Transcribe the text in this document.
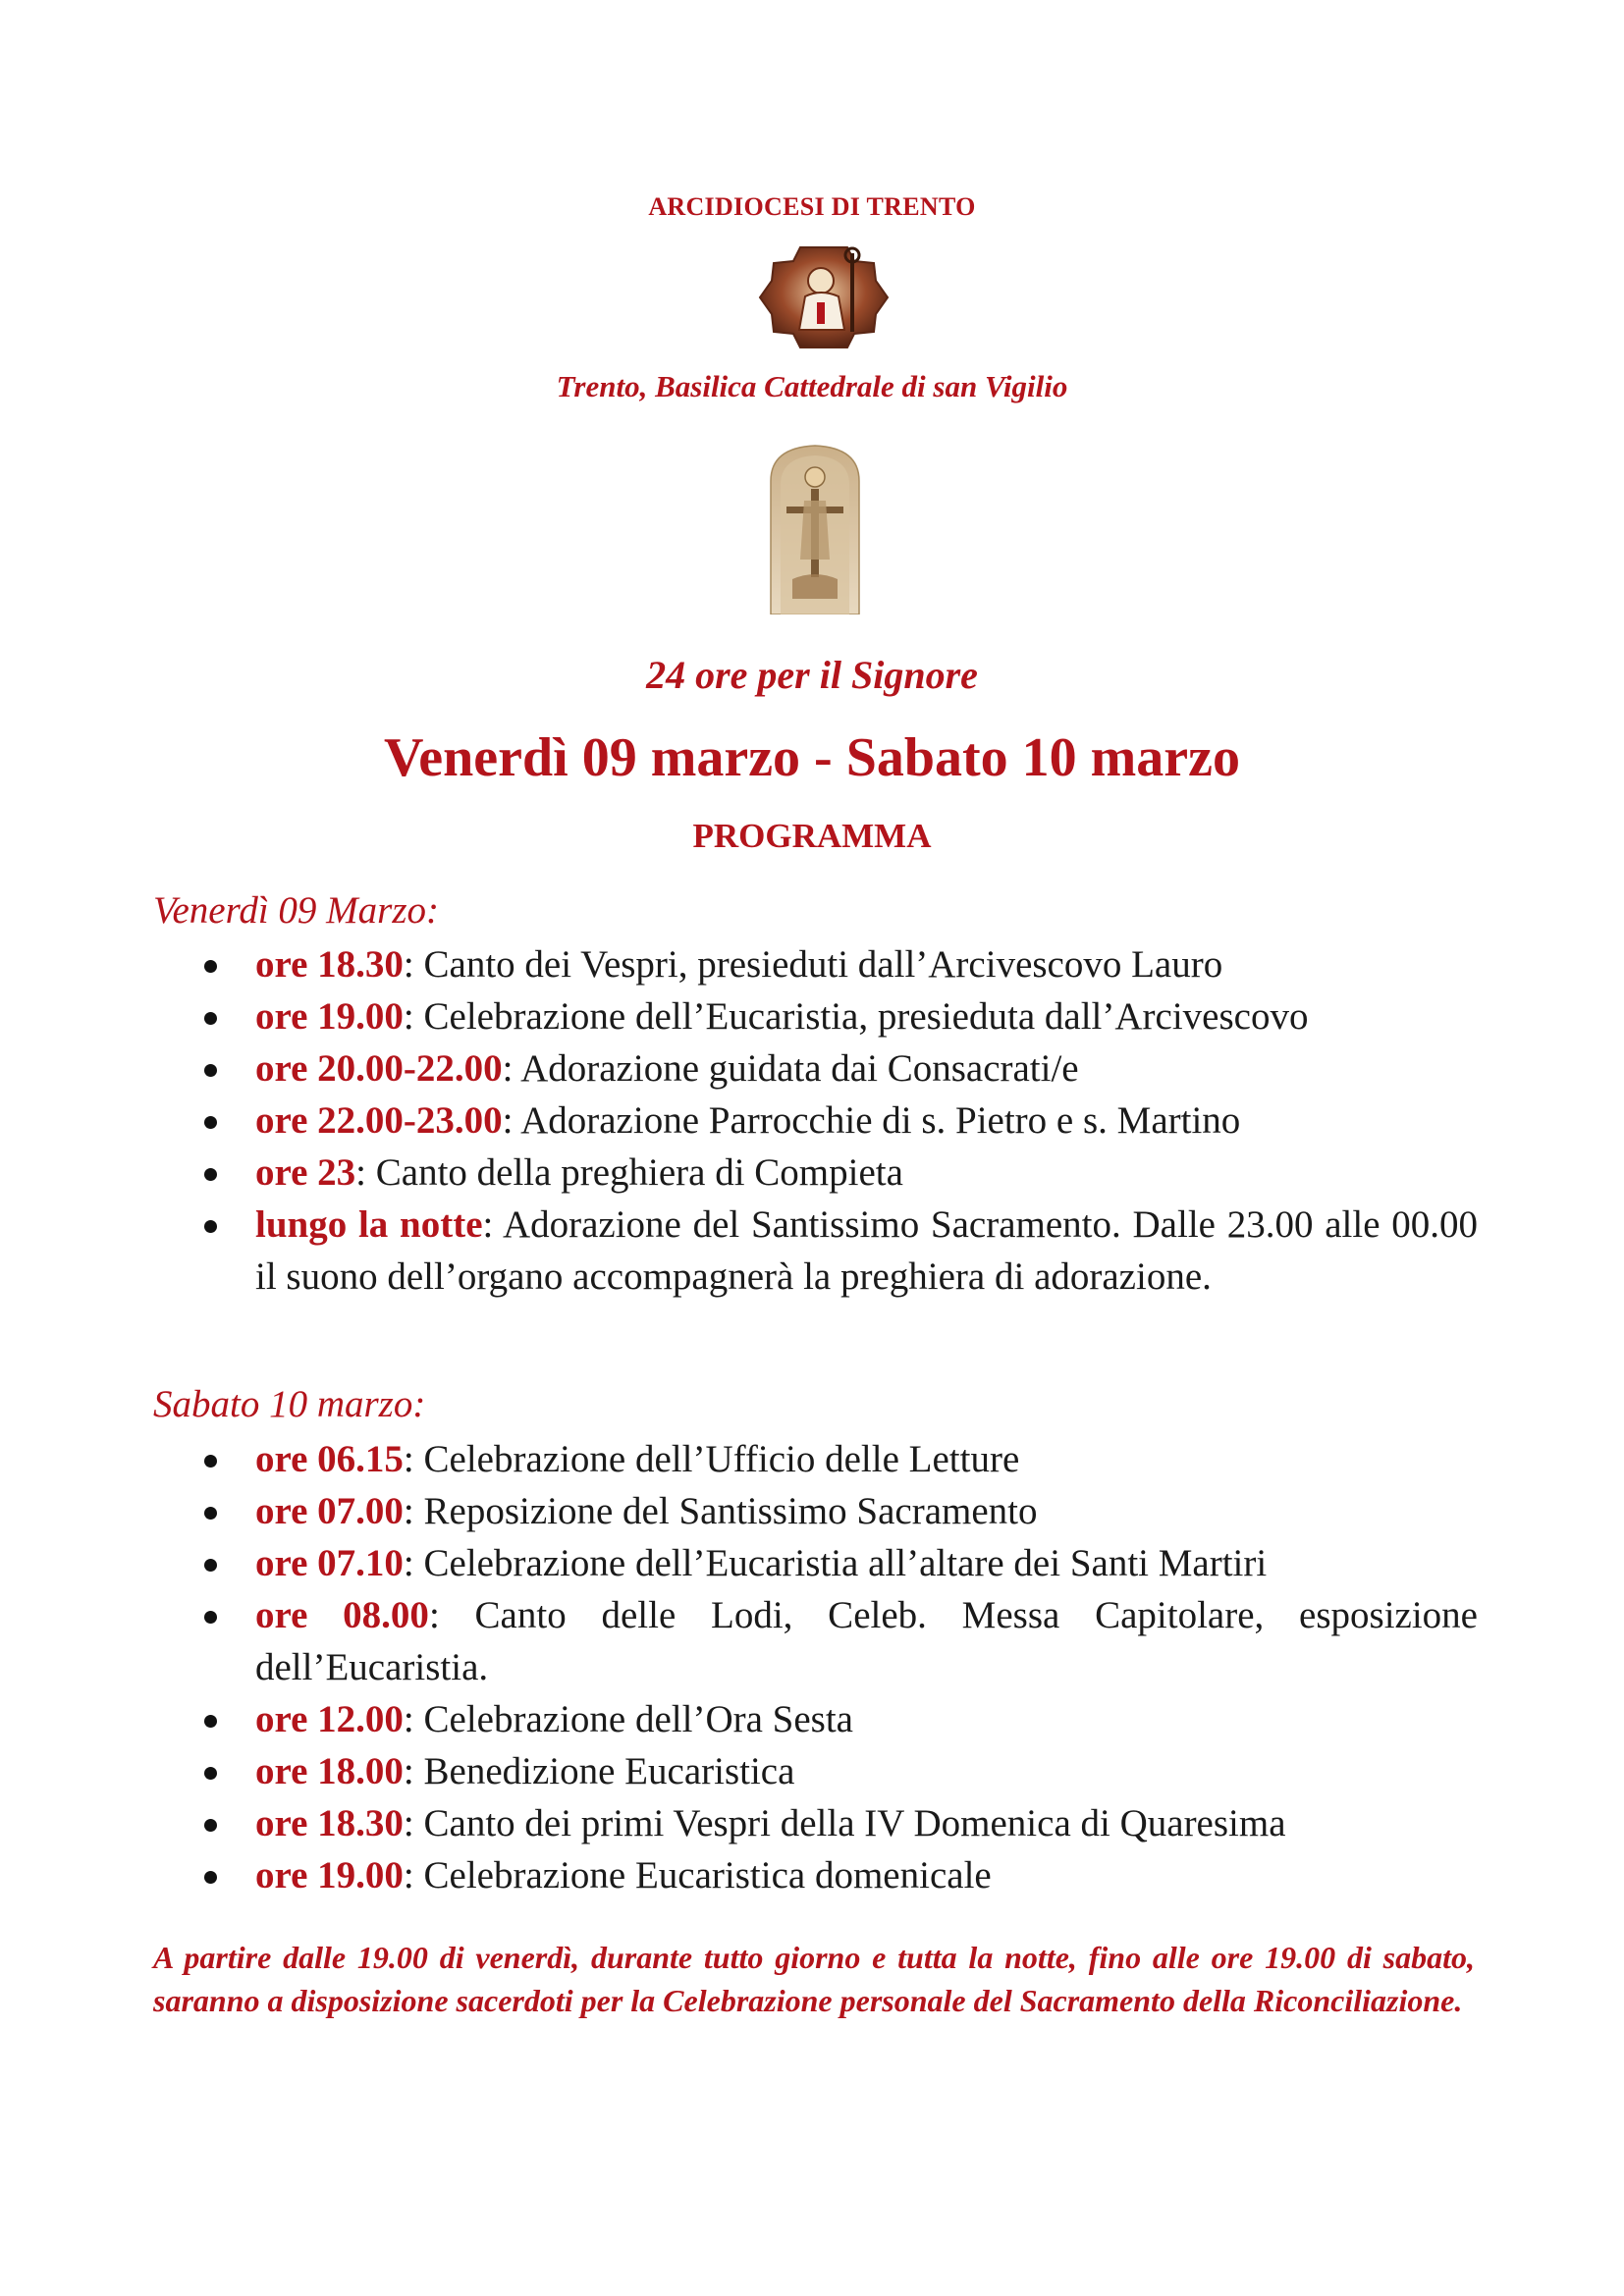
ARCIDIOCESI DI TRENTO
Trento, Basilica Cattedrale di san Vigilio
24 ore per il Signore
Venerdì 09 marzo - Sabato 10 marzo
PROGRAMMA
Venerdì 09 Marzo:
ore 18.30: Canto dei Vespri, presieduti dall’Arcivescovo Lauro
ore 19.00: Celebrazione dell’Eucaristia, presieduta dall’Arcivescovo
ore 20.00-22.00: Adorazione guidata dai Consacrati/e
ore 22.00-23.00: Adorazione Parrocchie di s. Pietro e s. Martino
ore 23: Canto della preghiera di Compieta
lungo la notte: Adorazione del Santissimo Sacramento. Dalle 23.00 alle 00.00 il suono dell’organo accompagnerà la preghiera di adorazione.
Sabato 10 marzo:
ore 06.15: Celebrazione dell’Ufficio delle Letture
ore 07.00: Reposizione del Santissimo Sacramento
ore 07.10: Celebrazione dell’Eucaristia all’altare dei Santi Martiri
ore 08.00: Canto delle Lodi, Celeb. Messa Capitolare, esposizione dell’Eucaristia.
ore 12.00: Celebrazione dell’Ora Sesta
ore 18.00: Benedizione Eucaristica
ore 18.30: Canto dei primi Vespri della IV Domenica di Quaresima
ore 19.00: Celebrazione Eucaristica domenicale
A partire dalle 19.00 di venerdì, durante tutto giorno e tutta la notte, fino alle ore 19.00 di sabato, saranno a disposizione sacerdoti per la Celebrazione personale del Sacramento della Riconciliazione.
